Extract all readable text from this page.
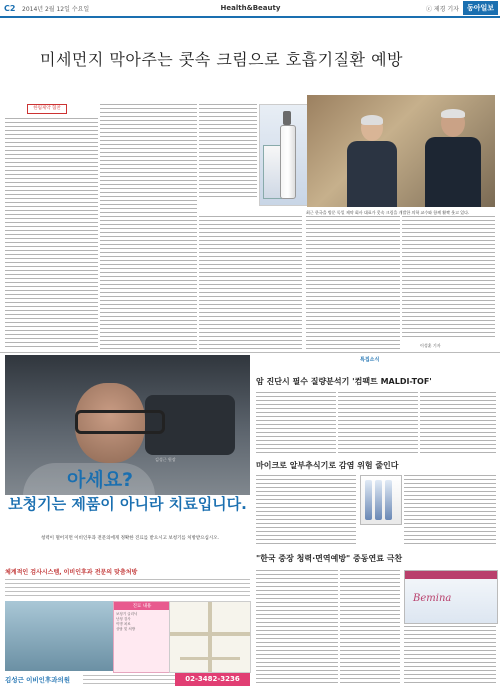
C2	2014년 2월 12일 수요일	Health&Beauty	ⓒ 제경 기자	동아일보
미세먼지 막아주는 콧속 크림으로 호흡기질환 예방
한림제약 협찬
최근 한국을 방문 독일 제약 회사 대표가 콧속 크림을 개발한 의학 교수와 함께 활짝 웃고 있다.
이성훈 기자
김성근 원장
아세요?
보청기는 제품이 아니라 치료입니다.
청력이 떨어지면 이비인후과 전문의에게 정확한 진료를 받으시고 보청기를 처방받으십시오.
체계적인 검사시스템, 이비인후과 전문의 맞춤처방
진료 내용
보청기 클리닉
난청 검사
이명 치료
상담 및 처방
김성근 이비인후과의원	02-3482-3236
특집소식
암 진단시 필수 질량분석기 '컴팩트 MALDI-TOF'
마이크로 알부추식기로 감염 위험 줄인다
"한국 중장 청력·면역예방" 중동연료 극찬
Bemina
